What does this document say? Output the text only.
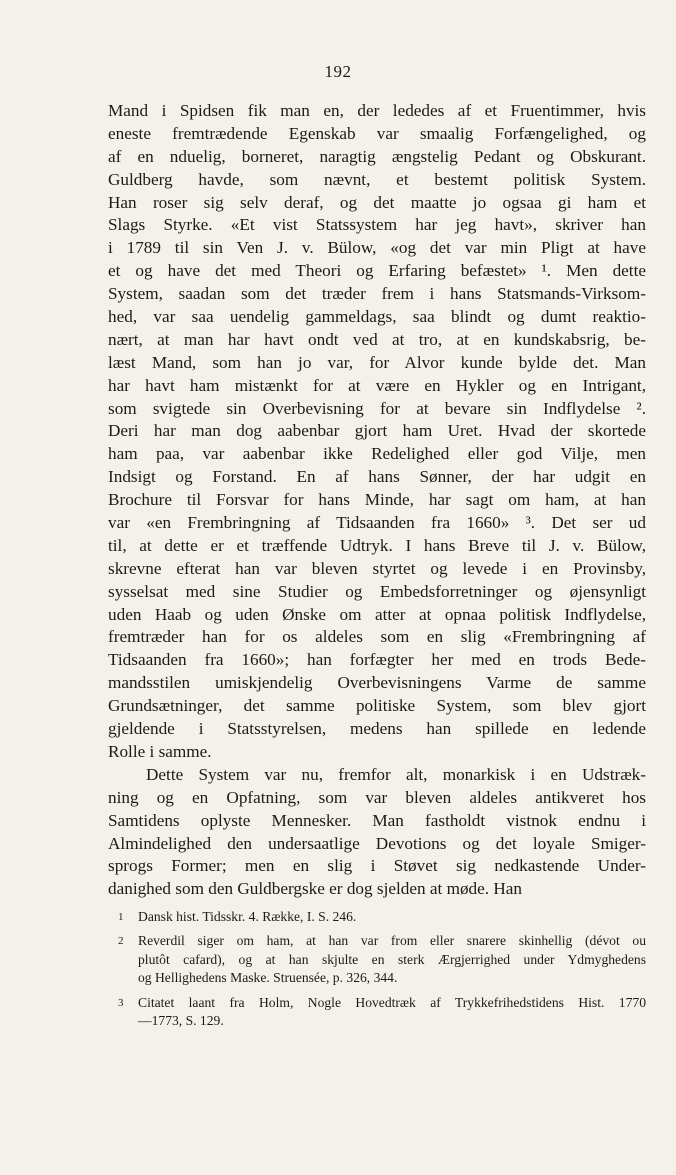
192
Mand i Spidsen fik man en, der lededes af et Fruentimmer, hvis
eneste fremtrædende Egenskab var smaalig Forfængelighed, og
af en nduelig, borneret, naragtig ængstelig Pedant og Obskurant.
Guldberg havde, som nævnt, et bestemt politisk System.
Han roser sig selv deraf, og det maatte jo ogsaa gi ham et
Slags Styrke. «Et vist Statssystem har jeg havt», skriver han
i 1789 til sin Ven J. v. Bülow, «og det var min Pligt at have
et og have det med Theori og Erfaring befæstet» ¹. Men dette
System, saadan som det træder frem i hans Statsmands-Virksom-
hed, var saa uendelig gammeldags, saa blindt og dumt reaktio-
nært, at man har havt ondt ved at tro, at en kundskabsrig, be-
læst Mand, som han jo var, for Alvor kunde bylde det. Man
har havt ham mistænkt for at være en Hykler og en Intrigant,
som svigtede sin Overbevisning for at bevare sin Indflydelse ².
Deri har man dog aabenbar gjort ham Uret. Hvad der skortede
ham paa, var aabenbar ikke Redelighed eller god Vilje, men
Indsigt og Forstand. En af hans Sønner, der har udgit en
Brochure til Forsvar for hans Minde, har sagt om ham, at han
var «en Frembringning af Tidsaanden fra 1660» ³. Det ser ud
til, at dette er et træffende Udtryk. I hans Breve til J. v. Bülow,
skrevne efterat han var bleven styrtet og levede i en Provinsby,
sysselsat med sine Studier og Embedsforretninger og øjensynligt
uden Haab og uden Ønske om atter at opnaa politisk Indflydelse,
fremtræder han for os aldeles som en slig «Frembringning af
Tidsaanden fra 1660»; han forfægter her med en trods Bede-
mandsstilen umiskjendelig Overbevisningens Varme de samme
Grundsætninger, det samme politiske System, som blev gjort
gjeldende i Statsstyrelsen, medens han spillede en ledende
Rolle i samme.
Dette System var nu, fremfor alt, monarkisk i en Udstræk-
ning og en Opfatning, som var bleven aldeles antikveret hos
Samtidens oplyste Mennesker. Man fastholdt vistnok endnu i
Almindelighed den undersaatlige Devotions og det loyale Smiger-
sprogs Former; men en slig i Støvet sig nedkastende Under-
danighed som den Guldbergske er dog sjelden at møde. Han
1 Dansk hist. Tidsskr. 4. Række, I. S. 246.
2 Reverdil siger om ham, at han var from eller snarere skinhellig (dévot ou
plutôt cafard), og at han skjulte en sterk Ærgjerrighed under Ydmyghedens
og Hellighedens Maske. Struensée, p. 326, 344.
3 Citatet laant fra Holm, Nogle Hovedtræk af Trykkefrihedstidens Hist. 1770
—1773, S. 129.
